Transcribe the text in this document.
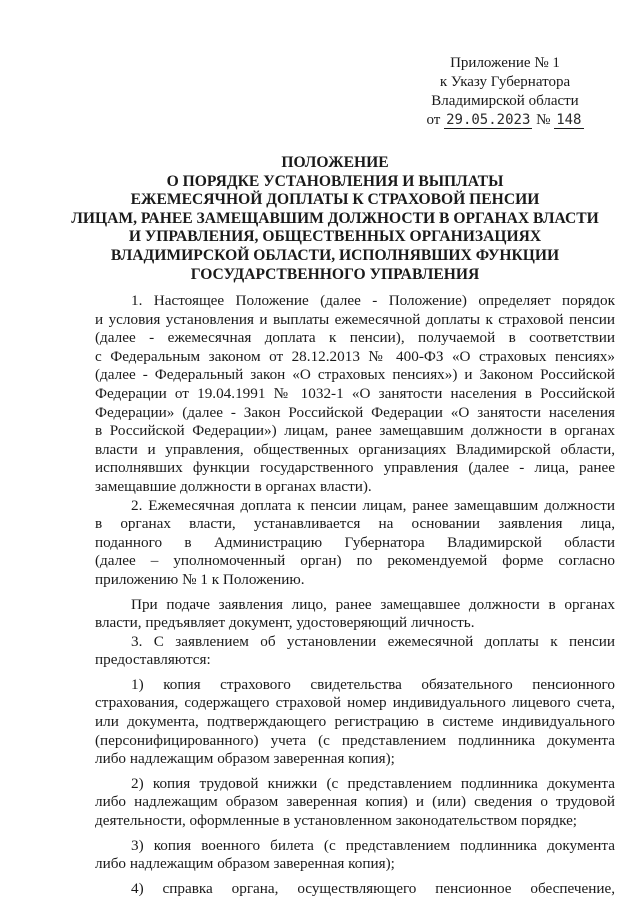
Приложение № 1
к Указу Губернатора
Владимирской области
от 29.05.2023 № 148
ПОЛОЖЕНИЕ
О ПОРЯДКЕ УСТАНОВЛЕНИЯ И ВЫПЛАТЫ
ЕЖЕМЕСЯЧНОЙ ДОПЛАТЫ К СТРАХОВОЙ ПЕНСИИ
ЛИЦАМ, РАНЕЕ ЗАМЕЩАВШИМ ДОЛЖНОСТИ В ОРГАНАХ ВЛАСТИ
И УПРАВЛЕНИЯ, ОБЩЕСТВЕННЫХ ОРГАНИЗАЦИЯХ
ВЛАДИМИРСКОЙ ОБЛАСТИ, ИСПОЛНЯВШИХ ФУНКЦИИ
ГОСУДАРСТВЕННОГО УПРАВЛЕНИЯ
1. Настоящее Положение (далее - Положение) определяет порядок
и условия установления и выплаты ежемесячной доплаты к страховой пенсии
(далее - ежемесячная доплата к пенсии), получаемой в соответствии
с Федеральным законом от 28.12.2013 № 400-ФЗ «О страховых пенсиях»
(далее - Федеральный закон «О страховых пенсиях») и Законом Российской
Федерации от 19.04.1991 № 1032-1 «О занятости населения в Российской
Федерации» (далее - Закон Российской Федерации «О занятости населения
в Российской Федерации») лицам, ранее замещавшим должности в органах
власти и управления, общественных организациях Владимирской области,
исполнявших функции государственного управления (далее - лица, ранее
замещавшие должности в органах власти).
2. Ежемесячная доплата к пенсии лицам, ранее замещавшим должности
в органах власти, устанавливается на основании заявления лица,
поданного в Администрацию Губернатора Владимирской области
(далее – уполномоченный орган) по рекомендуемой форме согласно
приложению № 1 к Положению.
При подаче заявления лицо, ранее замещавшее должности в органах
власти, предъявляет документ, удостоверяющий личность.
3. С заявлением об установлении ежемесячной доплаты к пенсии
предоставляются:
1) копия страхового свидетельства обязательного пенсионного
страхования, содержащего страховой номер индивидуального лицевого счета,
или документа, подтверждающего регистрацию в системе индивидуального
(персонифицированного) учета (с представлением подлинника документа
либо надлежащим образом заверенная копия);
2) копия трудовой книжки (с представлением подлинника документа
либо надлежащим образом заверенная копия) и (или) сведения о трудовой
деятельности, оформленные в установленном законодательством порядке;
3) копия военного билета (с представлением подлинника документа
либо надлежащим образом заверенная копия);
4) справка органа, осуществляющего пенсионное обеспечение,
